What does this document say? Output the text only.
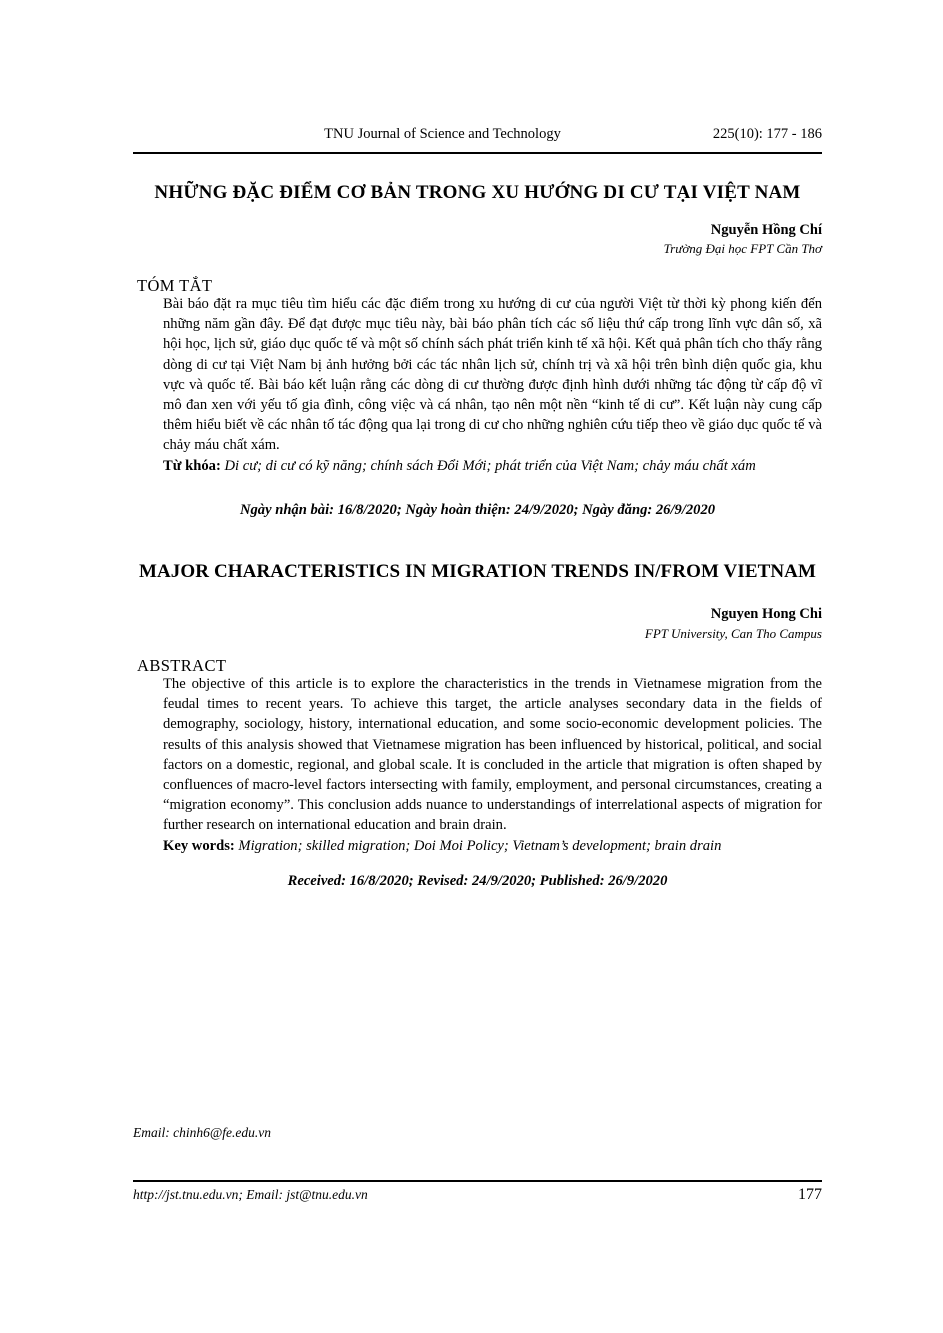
TNU Journal of Science and Technology	225(10): 177 - 186
NHỮNG ĐẶC ĐIỂM CƠ BẢN TRONG XU HƯỚNG DI CƯ TẠI VIỆT NAM
Nguyễn Hồng Chí
Trường Đại học FPT Cần Thơ
TÓM TẮT

Bài báo đặt ra mục tiêu tìm hiểu các đặc điểm trong xu hướng di cư của người Việt từ thời kỳ phong kiến đến những năm gần đây. Để đạt được mục tiêu này, bài báo phân tích các số liệu thứ cấp trong lĩnh vực dân số, xã hội học, lịch sử, giáo dục quốc tế và một số chính sách phát triển kinh tế xã hội. Kết quả phân tích cho thấy rằng dòng di cư tại Việt Nam bị ảnh hưởng bởi các tác nhân lịch sử, chính trị và xã hội trên bình diện quốc gia, khu vực và quốc tế. Bài báo kết luận rằng các dòng di cư thường được định hình dưới những tác động từ cấp độ vĩ mô đan xen với yếu tố gia đình, công việc và cá nhân, tạo nên một nền “kinh tế di cư”. Kết luận này cung cấp thêm hiểu biết về các nhân tố tác động qua lại trong di cư cho những nghiên cứu tiếp theo về giáo dục quốc tế và chảy máu chất xám.

Từ khóa: Di cư; di cư có kỹ năng; chính sách Đổi Mới; phát triển của Việt Nam; chảy máu chất xám

Ngày nhận bài: 16/8/2020; Ngày hoàn thiện: 24/9/2020; Ngày đăng: 26/9/2020
MAJOR CHARACTERISTICS IN MIGRATION TRENDS IN/FROM VIETNAM
Nguyen Hong Chi
FPT University, Can Tho Campus
ABSTRACT

The objective of this article is to explore the characteristics in the trends in Vietnamese migration from the feudal times to recent years. To achieve this target, the article analyses secondary data in the fields of demography, sociology, history, international education, and some socio-economic development policies. The results of this analysis showed that Vietnamese migration has been influenced by historical, political, and social factors on a domestic, regional, and global scale. It is concluded in the article that migration is often shaped by confluences of macro-level factors intersecting with family, employment, and personal circumstances, creating a “migration economy”. This conclusion adds nuance to understandings of interrelational aspects of migration for further research on international education and brain drain.

Key words: Migration; skilled migration; Doi Moi Policy; Vietnam’s development; brain drain

Received: 16/8/2020; Revised: 24/9/2020; Published: 26/9/2020
Email: chinh6@fe.edu.vn
http://jst.tnu.edu.vn; Email: jst@tnu.edu.vn	177
